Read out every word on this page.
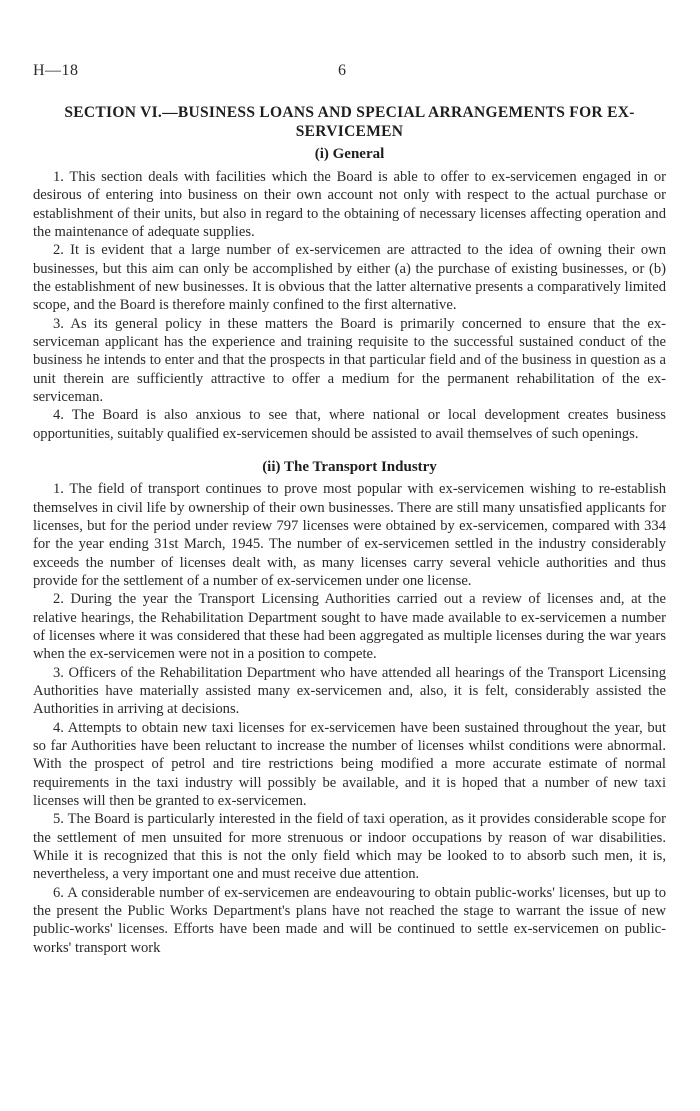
H—18	6
SECTION VI.—BUSINESS LOANS AND SPECIAL ARRANGEMENTS FOR EX-SERVICEMEN
(i) General

1. This section deals with facilities which the Board is able to offer to ex-servicemen engaged in or desirous of entering into business on their own account not only with respect to the actual purchase or establishment of their units, but also in regard to the obtaining of necessary licenses affecting operation and the maintenance of adequate supplies.

2. It is evident that a large number of ex-servicemen are attracted to the idea of owning their own businesses, but this aim can only be accomplished by either (a) the purchase of existing businesses, or (b) the establishment of new businesses. It is obvious that the latter alternative presents a comparatively limited scope, and the Board is therefore mainly confined to the first alternative.

3. As its general policy in these matters the Board is primarily concerned to ensure that the ex-serviceman applicant has the experience and training requisite to the successful sustained conduct of the business he intends to enter and that the prospects in that particular field and of the business in question as a unit therein are sufficiently attractive to offer a medium for the permanent rehabilitation of the ex-serviceman.

4. The Board is also anxious to see that, where national or local development creates business opportunities, suitably qualified ex-servicemen should be assisted to avail themselves of such openings.

(ii) The Transport Industry

1. The field of transport continues to prove most popular with ex-servicemen wishing to re-establish themselves in civil life by ownership of their own businesses. There are still many unsatisfied applicants for licenses, but for the period under review 797 licenses were obtained by ex-servicemen, compared with 334 for the year ending 31st March, 1945. The number of ex-servicemen settled in the industry considerably exceeds the number of licenses dealt with, as many licenses carry several vehicle authorities and thus provide for the settlement of a number of ex-servicemen under one license.

2. During the year the Transport Licensing Authorities carried out a review of licenses and, at the relative hearings, the Rehabilitation Department sought to have made available to ex-servicemen a number of licenses where it was considered that these had been aggregated as multiple licenses during the war years when the ex-servicemen were not in a position to compete.

3. Officers of the Rehabilitation Department who have attended all hearings of the Transport Licensing Authorities have materially assisted many ex-servicemen and, also, it is felt, considerably assisted the Authorities in arriving at decisions.

4. Attempts to obtain new taxi licenses for ex-servicemen have been sustained throughout the year, but so far Authorities have been reluctant to increase the number of licenses whilst conditions were abnormal. With the prospect of petrol and tire restrictions being modified a more accurate estimate of normal requirements in the taxi industry will possibly be available, and it is hoped that a number of new taxi licenses will then be granted to ex-servicemen.

5. The Board is particularly interested in the field of taxi operation, as it provides considerable scope for the settlement of men unsuited for more strenuous or indoor occupations by reason of war disabilities. While it is recognized that this is not the only field which may be looked to to absorb such men, it is, nevertheless, a very important one and must receive due attention.

6. A considerable number of ex-servicemen are endeavouring to obtain public-works' licenses, but up to the present the Public Works Department's plans have not reached the stage to warrant the issue of new public-works' licenses. Efforts have been made and will be continued to settle ex-servicemen on public-works' transport work
